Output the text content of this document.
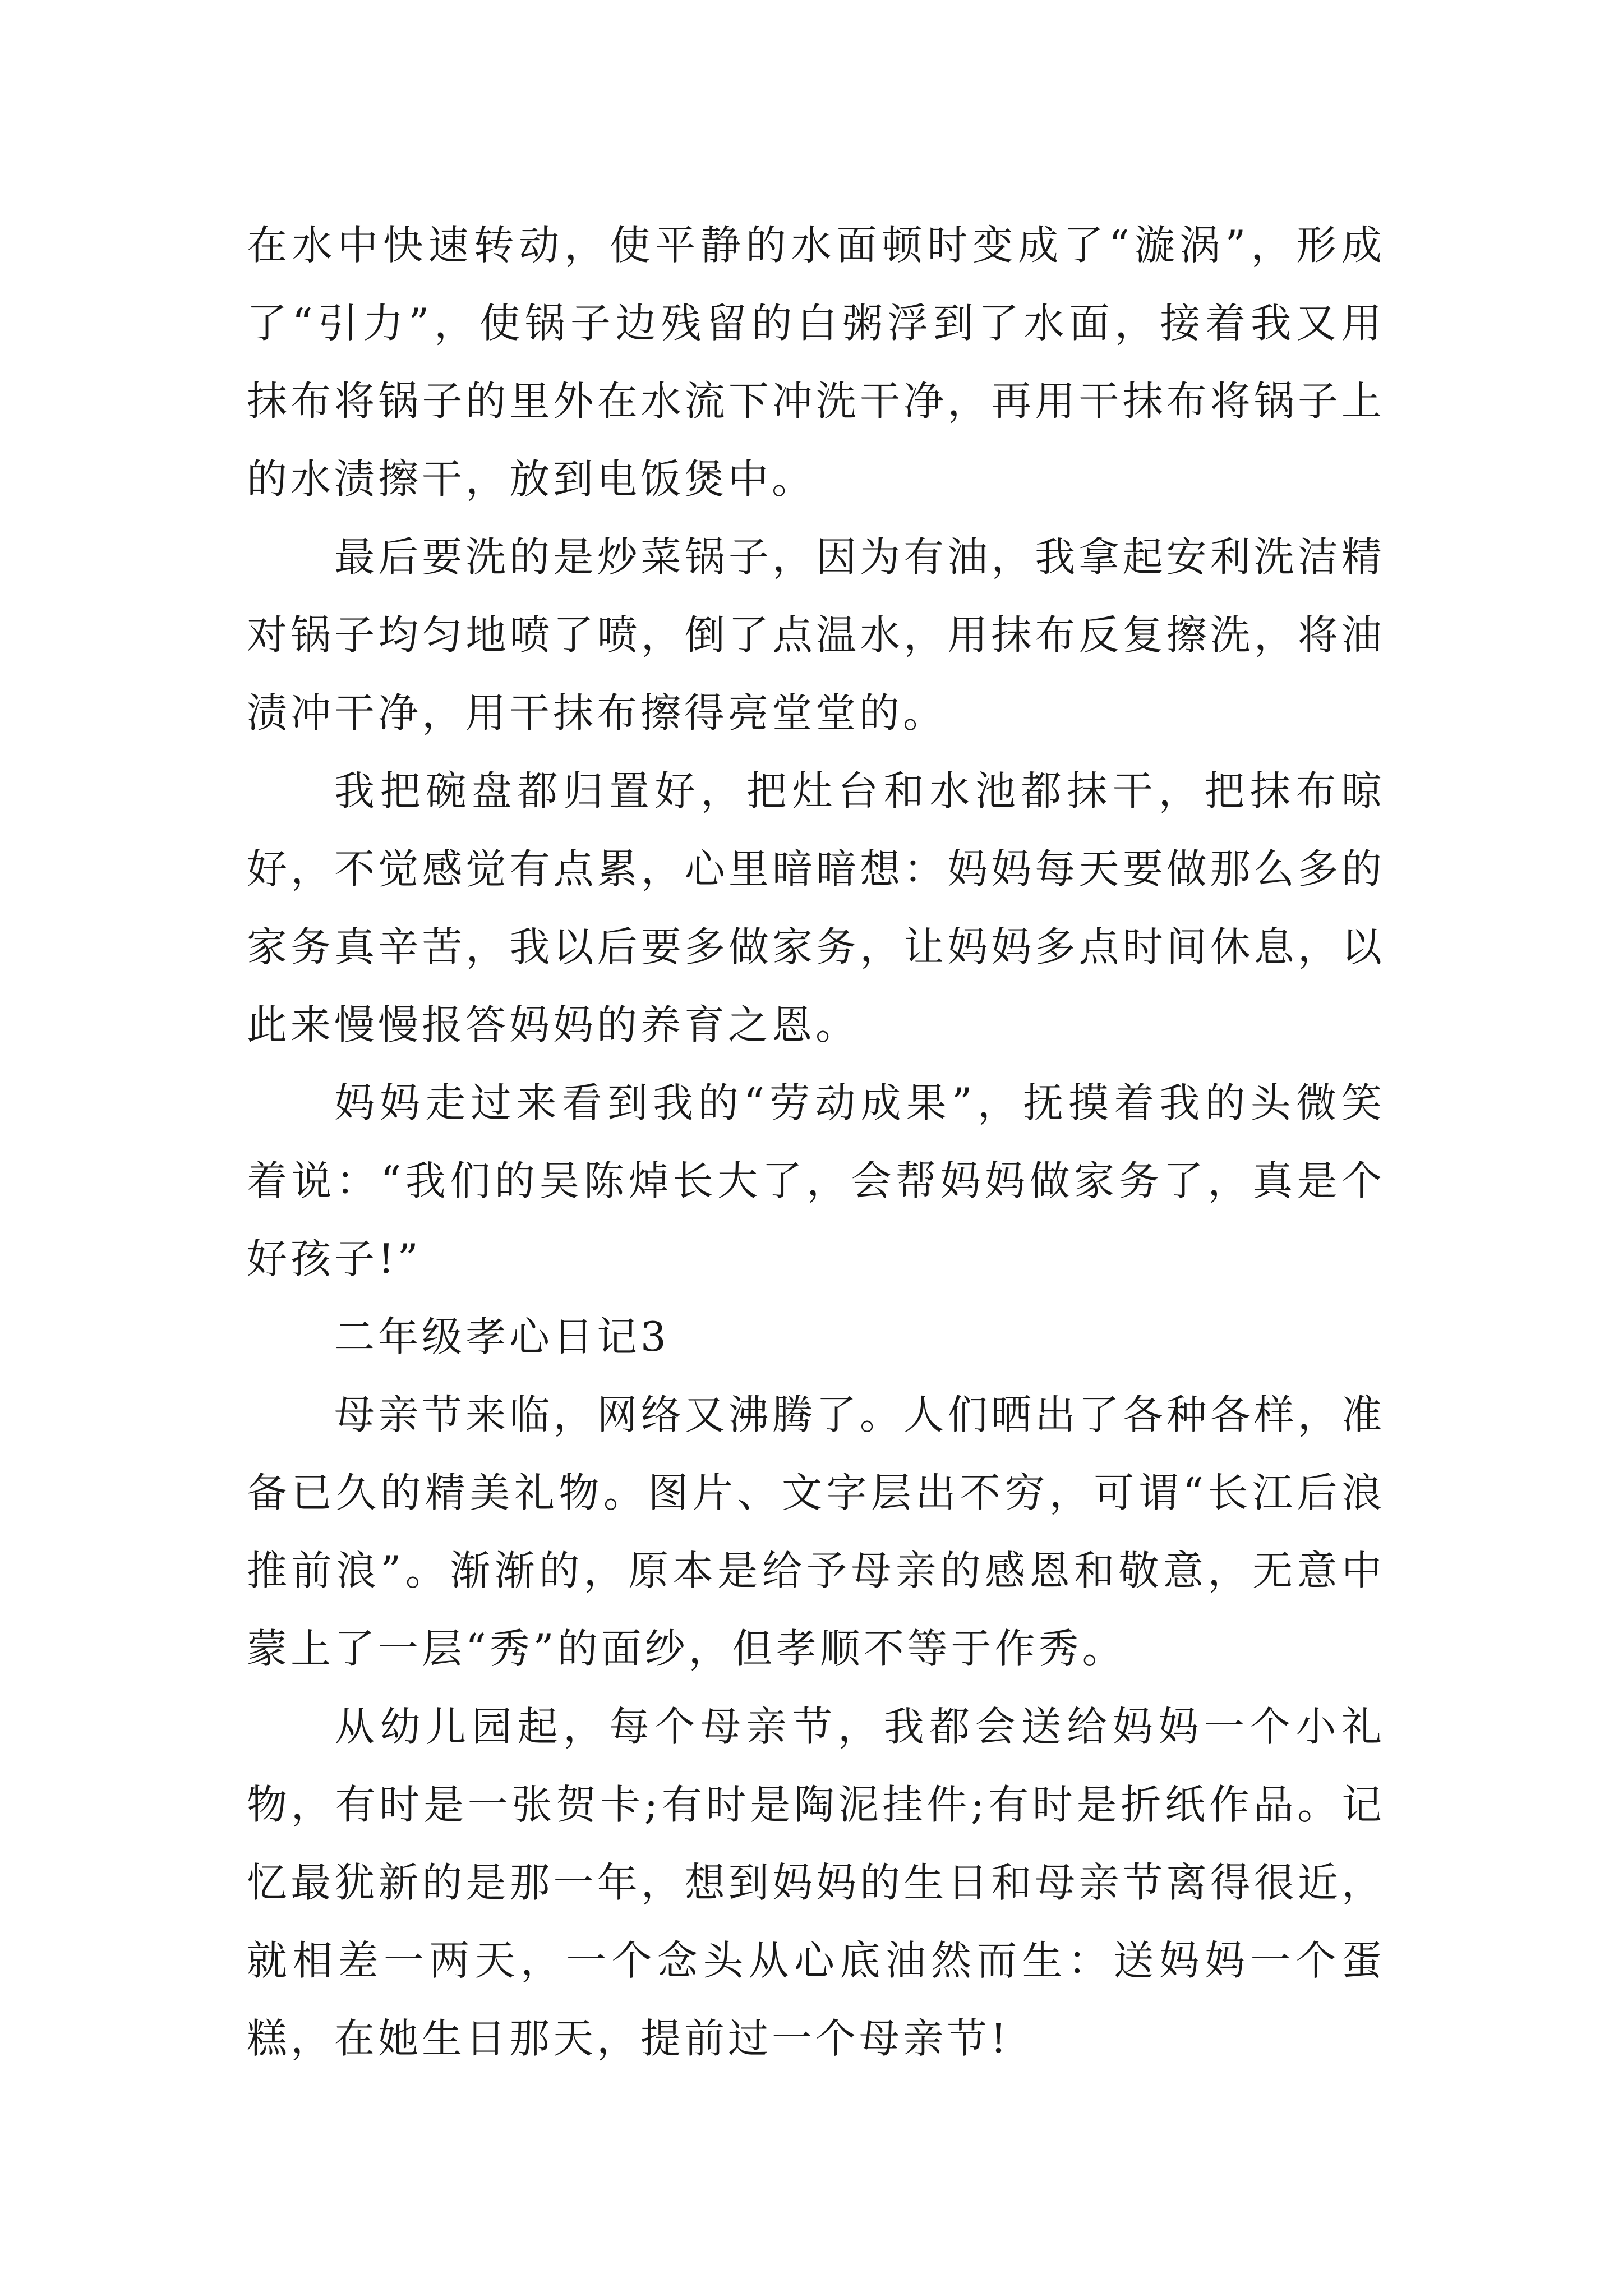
在水中快速转动，使平静的水面顿时变成了“漩涡”，形成了“引力”，使锅子边残留的白粥浮到了水面，接着我又用抹布将锅子的里外在水流下冲洗干净，再用干抹布将锅子上的水渍擦干，放到电饭煲中。

最后要洗的是炒菜锅子，因为有油，我拿起安利洗洁精对锅子均匀地喷了喷，倒了点温水，用抹布反复擦洗，将油渍冲干净，用干抹布擦得亮堂堂的。

我把碗盘都归置好，把灶台和水池都抹干，把抹布晾好，不觉感觉有点累，心里暗暗想：妈妈每天要做那么多的家务真辛苦，我以后要多做家务，让妈妈多点时间休息，以此来慢慢报答妈妈的养育之恩。

妈妈走过来看到我的“劳动成果”，抚摸着我的头微笑着说：“我们的吴陈焯长大了，会帮妈妈做家务了，真是个好孩子!”

二年级孝心日记3

母亲节来临，网络又沸腾了。人们晒出了各种各样，准备已久的精美礼物。图片、文字层出不穷，可谓“长江后浪推前浪”。渐渐的，原本是给予母亲的感恩和敬意，无意中蒙上了一层“秀”的面纱，但孝顺不等于作秀。

从幼儿园起，每个母亲节，我都会送给妈妈一个小礼物，有时是一张贺卡;有时是陶泥挂件;有时是折纸作品。记忆最犹新的是那一年，想到妈妈的生日和母亲节离得很近，就相差一两天，一个念头从心底油然而生：送妈妈一个蛋糕，在她生日那天，提前过一个母亲节!
